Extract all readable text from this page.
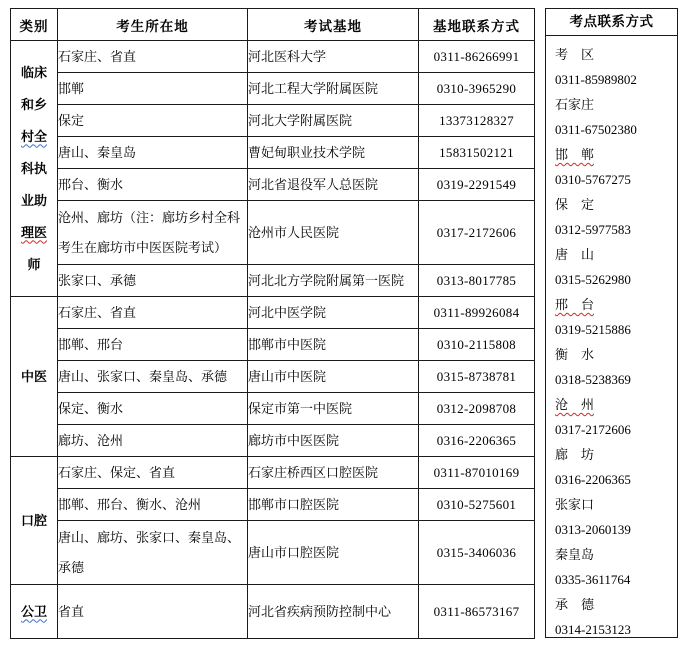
类别	考生所在地	考试基地	基地联系方式

临床
和乡
村全
科执
业助
理医
师
	石家庄、省直	河北医科大学	0311-86266991
	邯郸	河北工程大学附属医院	0310-3965290
	保定	河北大学附属医院	13373128327
	唐山、秦皇岛	曹妃甸职业技术学院	15831502121
	邢台、衡水	河北省退役军人总医院	0319-2291549
	沧州、廊坊（注：廊坊乡村全科考生在廊坊市中医医院考试）	沧州市人民医院	0317-2172606
	张家口、承德	河北北方学院附属第一医院	0313-8017785
中医	石家庄、省直	河北中医学院	0311-89926084
	邯郸、邢台	邯郸市中医院	0310-2115808
	唐山、张家口、秦皇岛、承德	唐山市中医院	0315-8738781
	保定、衡水	保定市第一中医院	0312-2098708
	廊坊、沧州	廊坊市中医医院	0316-2206365
口腔	石家庄、保定、省直	石家庄桥西区口腔医院	0311-87010169
	邯郸、邢台、衡水、沧州	邯郸市口腔医院	0310-5275601
	唐山、廊坊、张家口、秦皇岛、承德	唐山市口腔医院	0315-3406036
公卫	省直	河北省疾病预防控制中心	0311-86573167
考点联系方式
考　区
0311-85989802
石家庄
0311-67502380
邯　郸
0310-5767275
保　定
0312-5977583
唐　山
0315-5262980
邢　台
0319-5215886
衡　水
0318-5238369
沧　州
0317-2172606
廊　坊
0316-2206365
张家口
0313-2060139
秦皇岛
0335-3611764
承　德
0314-2153123
